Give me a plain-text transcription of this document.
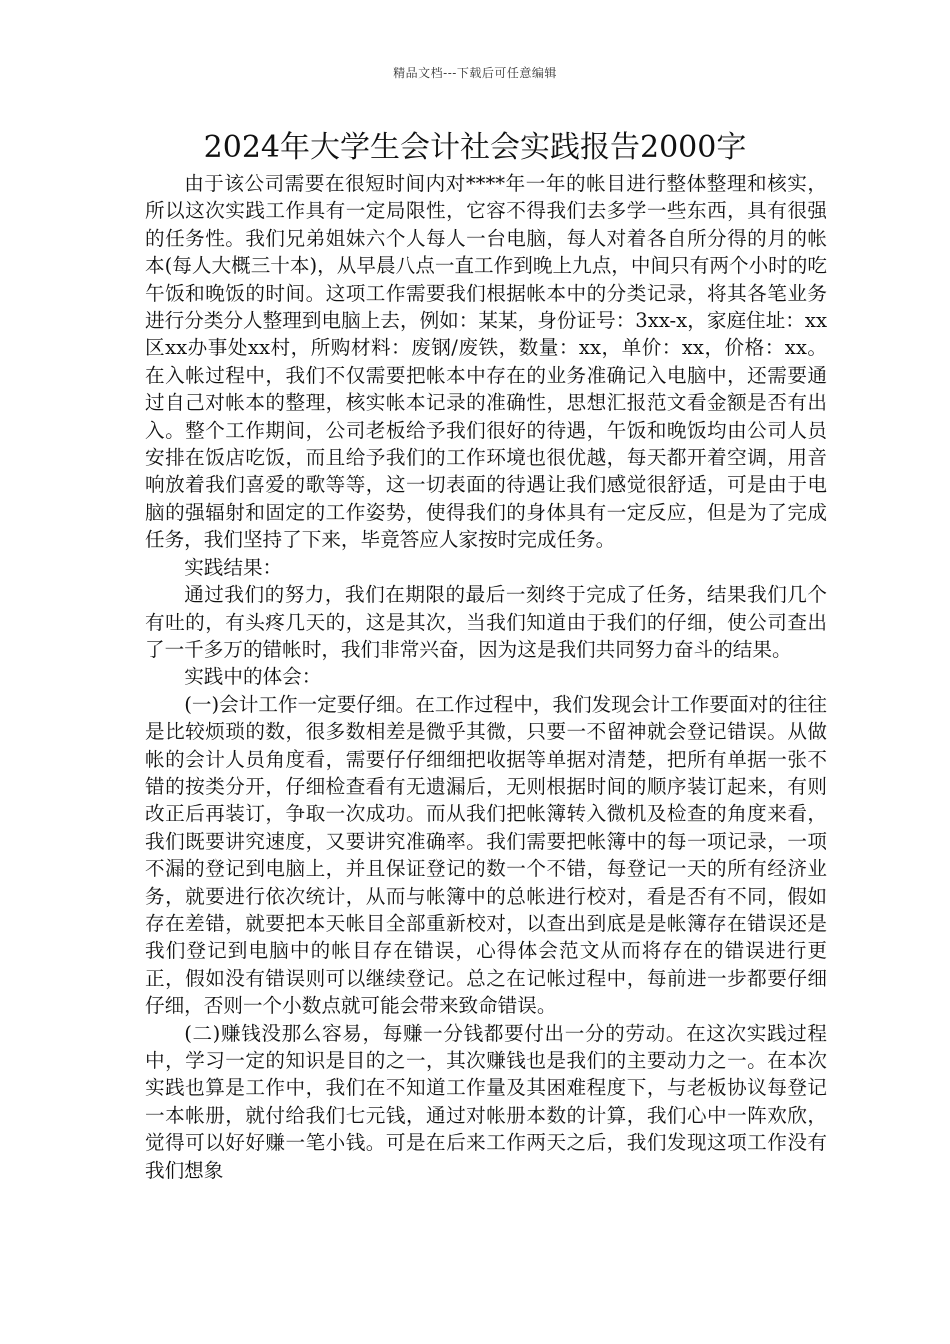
精品文档---下载后可任意编辑
2024年大学生会计社会实践报告2000字

由于该公司需要在很短时间内对****年一年的帐目进行整体整理和核实，所以这次实践工作具有一定局限性，它容不得我们去多学一些东西，具有很强的任务性。我们兄弟姐妹六个人每人一台电脑，每人对着各自所分得的月的帐本(每人大概三十本)，从早晨八点一直工作到晚上九点，中间只有两个小时的吃午饭和晚饭的时间。这项工作需要我们根据帐本中的分类记录，将其各笔业务进行分类分人整理到电脑上去，例如：某某，身份证号：3xx-x，家庭住址：xx区xx办事处xx村，所购材料：废钢/废铁，数量：xx，单价：xx，价格：xx。在入帐过程中，我们不仅需要把帐本中存在的业务准确记入电脑中，还需要通过自己对帐本的整理，核实帐本记录的准确性，思想汇报范文看金额是否有出入。整个工作期间，公司老板给予我们很好的待遇，午饭和晚饭均由公司人员安排在饭店吃饭，而且给予我们的工作环境也很优越，每天都开着空调，用音响放着我们喜爱的歌等等，这一切表面的待遇让我们感觉很舒适，可是由于电脑的强辐射和固定的工作姿势，使得我们的身体具有一定反应，但是为了完成任务，我们坚持了下来，毕竟答应人家按时完成任务。

实践结果：

通过我们的努力，我们在期限的最后一刻终于完成了任务，结果我们几个有吐的，有头疼几天的，这是其次，当我们知道由于我们的仔细，使公司查出了一千多万的错帐时，我们非常兴奋，因为这是我们共同努力奋斗的结果。

实践中的体会：

(一)会计工作一定要仔细。在工作过程中，我们发现会计工作要面对的往往是比较烦琐的数，很多数相差是微乎其微，只要一不留神就会登记错误。从做帐的会计人员角度看，需要仔仔细细把收据等单据对清楚，把所有单据一张不错的按类分开，仔细检查看有无遗漏后，无则根据时间的顺序装订起来，有则改正后再装订，争取一次成功。而从我们把帐簿转入微机及检查的角度来看，我们既要讲究速度，又要讲究准确率。我们需要把帐簿中的每一项记录，一项不漏的登记到电脑上，并且保证登记的数一个不错，每登记一天的所有经济业务，就要进行依次统计，从而与帐簿中的总帐进行校对，看是否有不同，假如存在差错，就要把本天帐目全部重新校对，以查出到底是是帐簿存在错误还是我们登记到电脑中的帐目存在错误，心得体会范文从而将存在的错误进行更正，假如没有错误则可以继续登记。总之在记帐过程中，每前进一步都要仔细仔细，否则一个小数点就可能会带来致命错误。

(二)赚钱没那么容易，每赚一分钱都要付出一分的劳动。在这次实践过程中，学习一定的知识是目的之一，其次赚钱也是我们的主要动力之一。在本次实践也算是工作中，我们在不知道工作量及其困难程度下，与老板协议每登记一本帐册，就付给我们七元钱，通过对帐册本数的计算，我们心中一阵欢欣，觉得可以好好赚一笔小钱。可是在后来工作两天之后，我们发现这项工作没有我们想象
